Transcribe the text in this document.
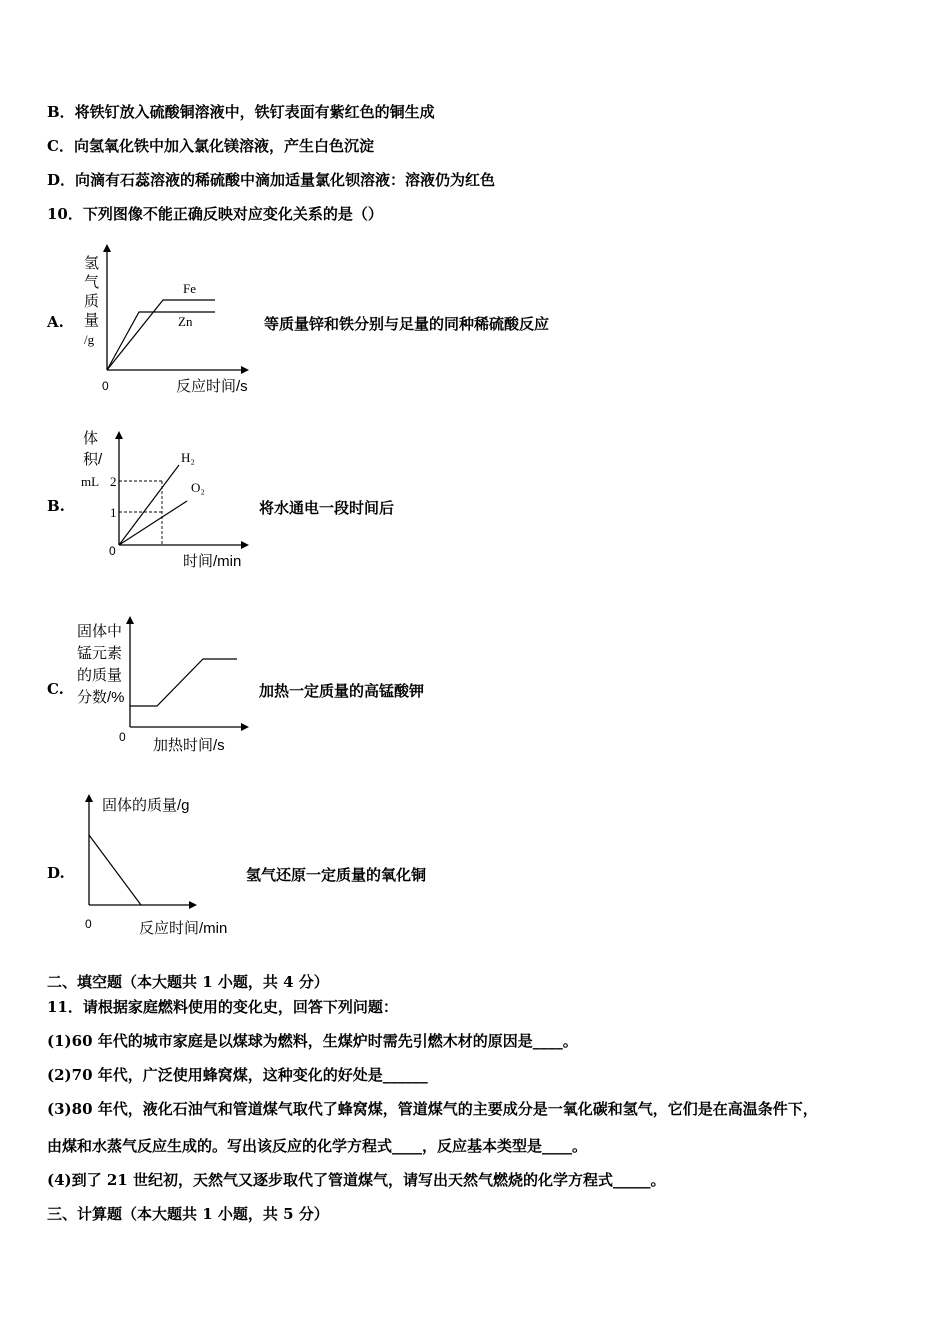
B．将铁钉放入硫酸铜溶液中，铁钉表面有紫红色的铜生成
C．向氢氧化铁中加入氯化镁溶液，产生白色沉淀
D．向滴有石蕊溶液的稀硫酸中滴加适量氯化钡溶液：溶液仍为红色
10．下列图像不能正确反映对应变化关系的是（）
A.	等质量锌和铁分别与足量的同种稀硫酸反应
氢
气
质
量
/g
0	反应时间/s
Fe
Zn
B.	将水通电一段时间后
体
积/
mL 2
1
0
时间/min
H₂
O₂
C.	加热一定质量的高锰酸钾
固体中
锰元素
的质量
分数/%
0 加热时间/s
D.	氢气还原一定质量的氧化铜
固体的质量/g
0	反应时间/min
二、填空题（本大题共 1 小题，共 4 分）
11．请根据家庭燃料使用的变化史，回答下列问题：
(1)60 年代的城市家庭是以煤球为燃料，生煤炉时需先引燃木材的原因是____。
(2)70 年代，广泛使用蜂窝煤，这种变化的好处是______
(3)80 年代，液化石油气和管道煤气取代了蜂窝煤，管道煤气的主要成分是一氧化碳和氢气，它们是在高温条件下，
由煤和水蒸气反应生成的。写出该反应的化学方程式____，反应基本类型是____。
(4)到了 21 世纪初，天然气又逐步取代了管道煤气，请写出天然气燃烧的化学方程式_____。
三、计算题（本大题共 1 小题，共 5 分）
